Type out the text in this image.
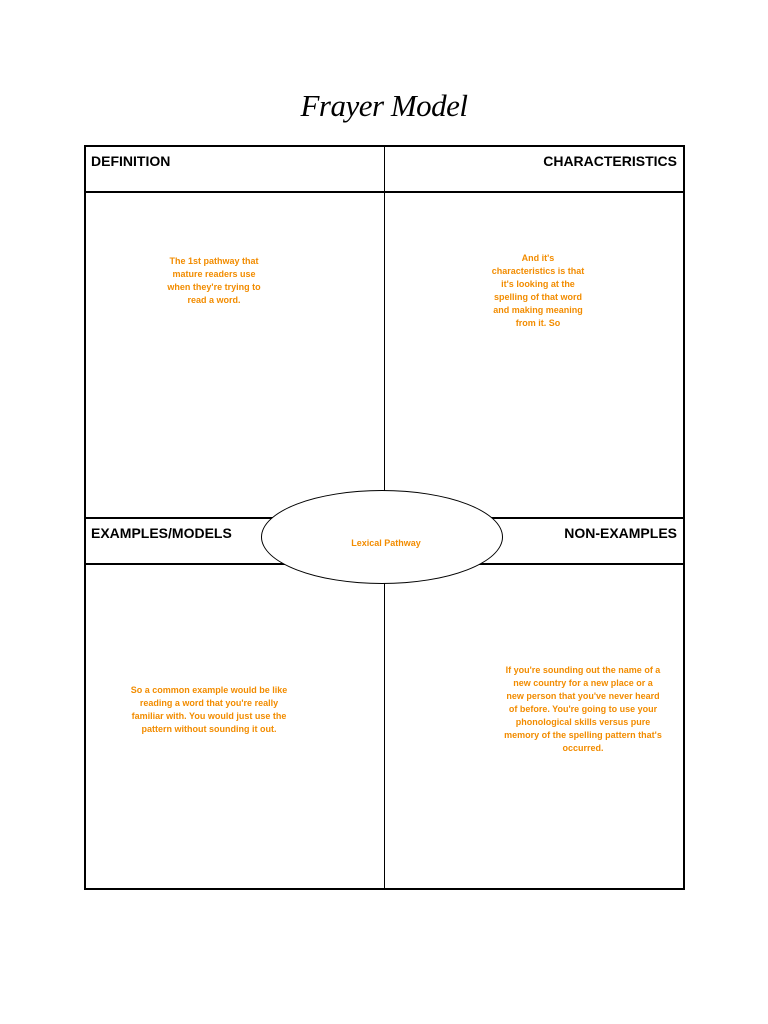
Frayer Model
DEFINITION	CHARACTERISTICS
EXAMPLES/MODELS	NON-EXAMPLES
The 1st pathway that
mature readers use
when they're trying to
read a word.
And it's
characteristics is that
it's looking at the
spelling of that word
and making meaning
from it. So
So a common example would be like
reading a word that you're really
familiar with. You would just use the
pattern without sounding it out.
If you're sounding out the name of a
new country for a new place or a
new person that you've never heard
of before. You're going to use your
phonological skills versus pure
memory of the spelling pattern that's
occurred.
Lexical Pathway
